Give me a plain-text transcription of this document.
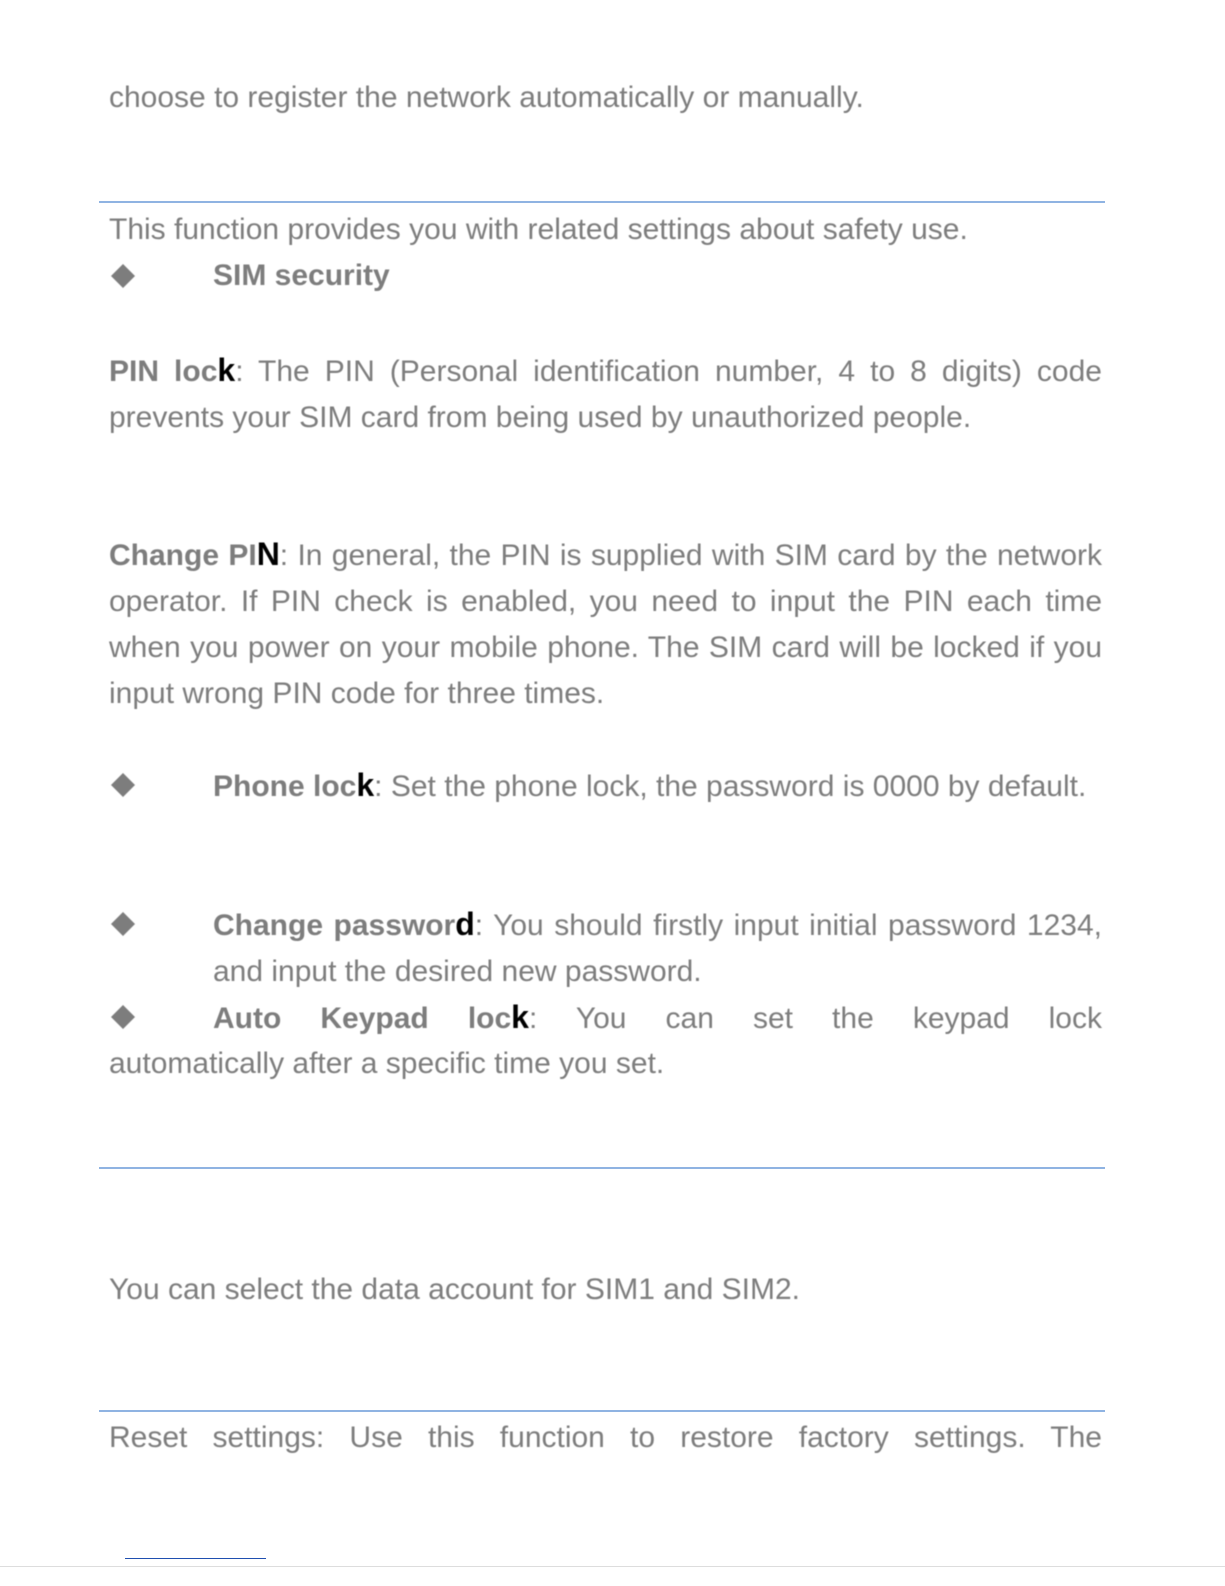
choose to register the network automatically or manually.
This function provides you with related settings about safety use.
SIM security
PIN lock: The PIN (Personal identification number, 4 to 8 digits) code prevents your SIM card from being used by unauthorized people.
Change PIN: In general, the PIN is supplied with SIM card by the network operator. If PIN check is enabled, you need to input the PIN each time when you power on your mobile phone. The SIM card will be locked if you input wrong PIN code for three times.
Phone lock: Set the phone lock, the password is 0000 by default.
Change password: You should firstly input initial password 1234, and input the desired new password.
Auto Keypad lock: You can set the keypad lock
automatically after a specific time you set.
You can select the data account for SIM1 and SIM2.
Reset settings: Use this function to restore factory settings. The
